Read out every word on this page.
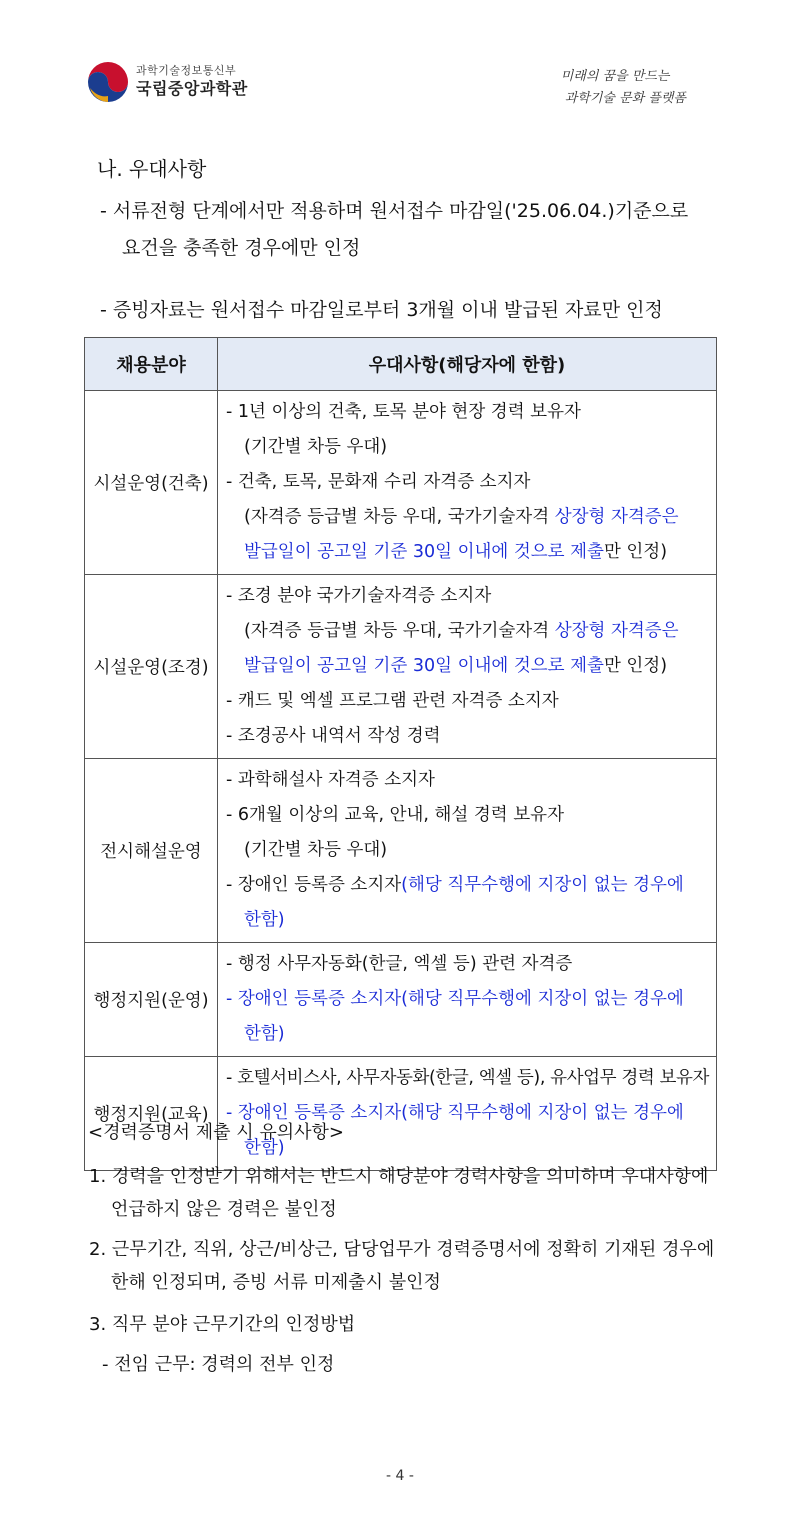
과학기술정보통신부
국립중앙과학관
미래의 꿈을 만드는
과학기술 문화 플랫폼
나. 우대사항
- 서류전형 단계에서만 적용하며 원서접수 마감일('25.06.04.)기준으로
요건을 충족한 경우에만 인정
- 증빙자료는 원서접수 마감일로부터 3개월 이내 발급된 자료만 인정
채용분야	우대사항(해당자에 한함)
시설운영(건축)	- 1년 이상의 건축, 토목 분야 현장 경력 보유자
(기간별 차등 우대)
- 건축, 토목, 문화재 수리 자격증 소지자
(자격증 등급별 차등 우대, 국가기술자격 상장형 자격증은
발급일이 공고일 기준 30일 이내에 것으로 제출만 인정)

시설운영(조경)	- 조경 분야 국가기술자격증 소지자
(자격증 등급별 차등 우대, 국가기술자격 상장형 자격증은
발급일이 공고일 기준 30일 이내에 것으로 제출만 인정)
- 캐드 및 엑셀 프로그램 관련 자격증 소지자
- 조경공사 내역서 작성 경력

전시해설운영	- 과학해설사 자격증 소지자
- 6개월 이상의 교육, 안내, 해설 경력 보유자
(기간별 차등 우대)
- 장애인 등록증 소지자(해당 직무수행에 지장이 없는 경우에
한함)

행정지원(운영)	- 행정 사무자동화(한글, 엑셀 등) 관련 자격증
- 장애인 등록증 소지자(해당 직무수행에 지장이 없는 경우에
한함)

행정지원(교육)	- 호텔서비스사, 사무자동화(한글, 엑셀 등), 유사업무 경력 보유자
- 장애인 등록증 소지자(해당 직무수행에 지장이 없는 경우에
한함)
<경력증명서 제출 시 유의사항>
1. 경력을 인정받기 위해서는 반드시 해당분야 경력사항을 의미하며 우대사항에
언급하지 않은 경력은 불인정
2. 근무기간, 직위, 상근/비상근, 담당업무가 경력증명서에 정확히 기재된 경우에
한해 인정되며, 증빙 서류 미제출시 불인정
3. 직무 분야 근무기간의 인정방법
- 전임 근무: 경력의 전부 인정
- 4 -
